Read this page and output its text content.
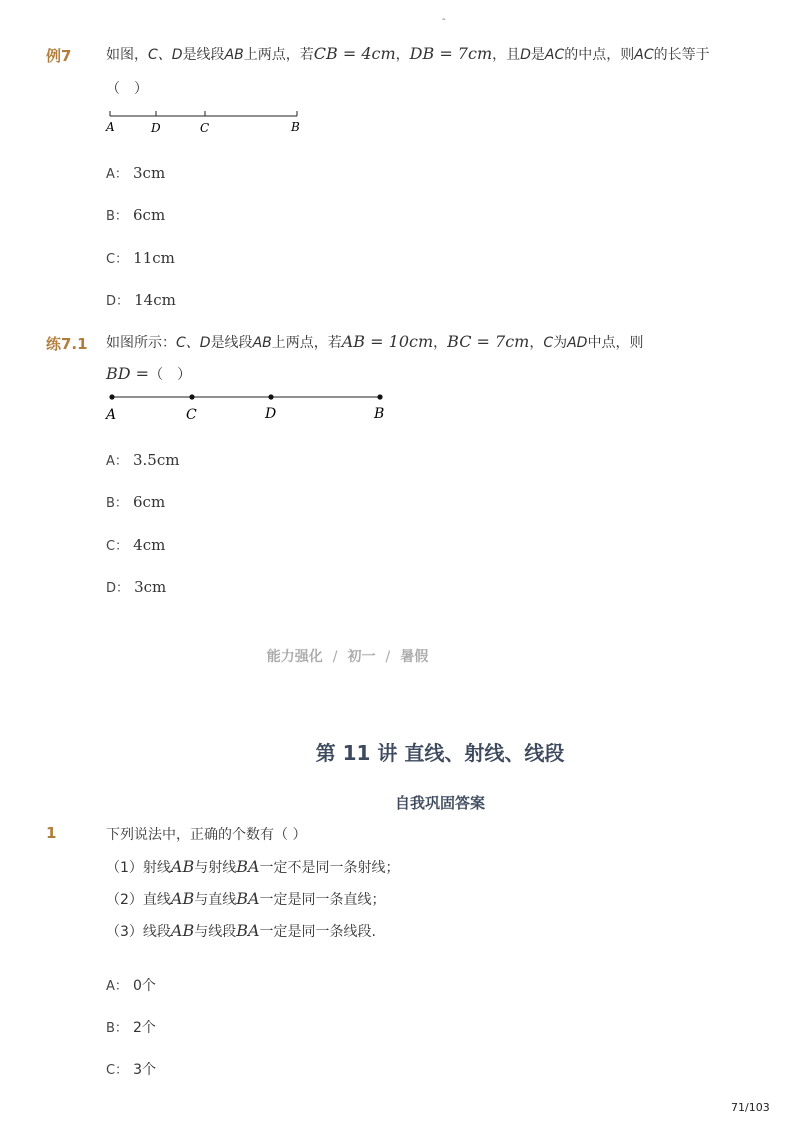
-
例7 如图，C、D是线段AB上两点，若CB = 4cm，DB = 7cm，且D是AC的中点，则AC的长等于
（　）
A	D	C	B
A： 3cm
B： 6cm
C： 11cm
D： 14cm
练7.1 如图所示：C、D是线段AB上两点，若AB = 10cm，BC = 7cm，C为AD中点，则
BD =（　）
A	C	D	B
A： 3.5cm
B： 6cm
C： 4cm
D： 3cm
能力强化 / 初一 / 暑假
第 11 讲 直线、射线、线段
自我巩固答案
1	下列说法中，正确的个数有（ ）
（1）射线AB与射线BA一定不是同一条射线；
（2）直线AB与直线BA一定是同一条直线；
（3）线段AB与线段BA一定是同一条线段.
A： 0个
B： 2个
C： 3个
71/103
